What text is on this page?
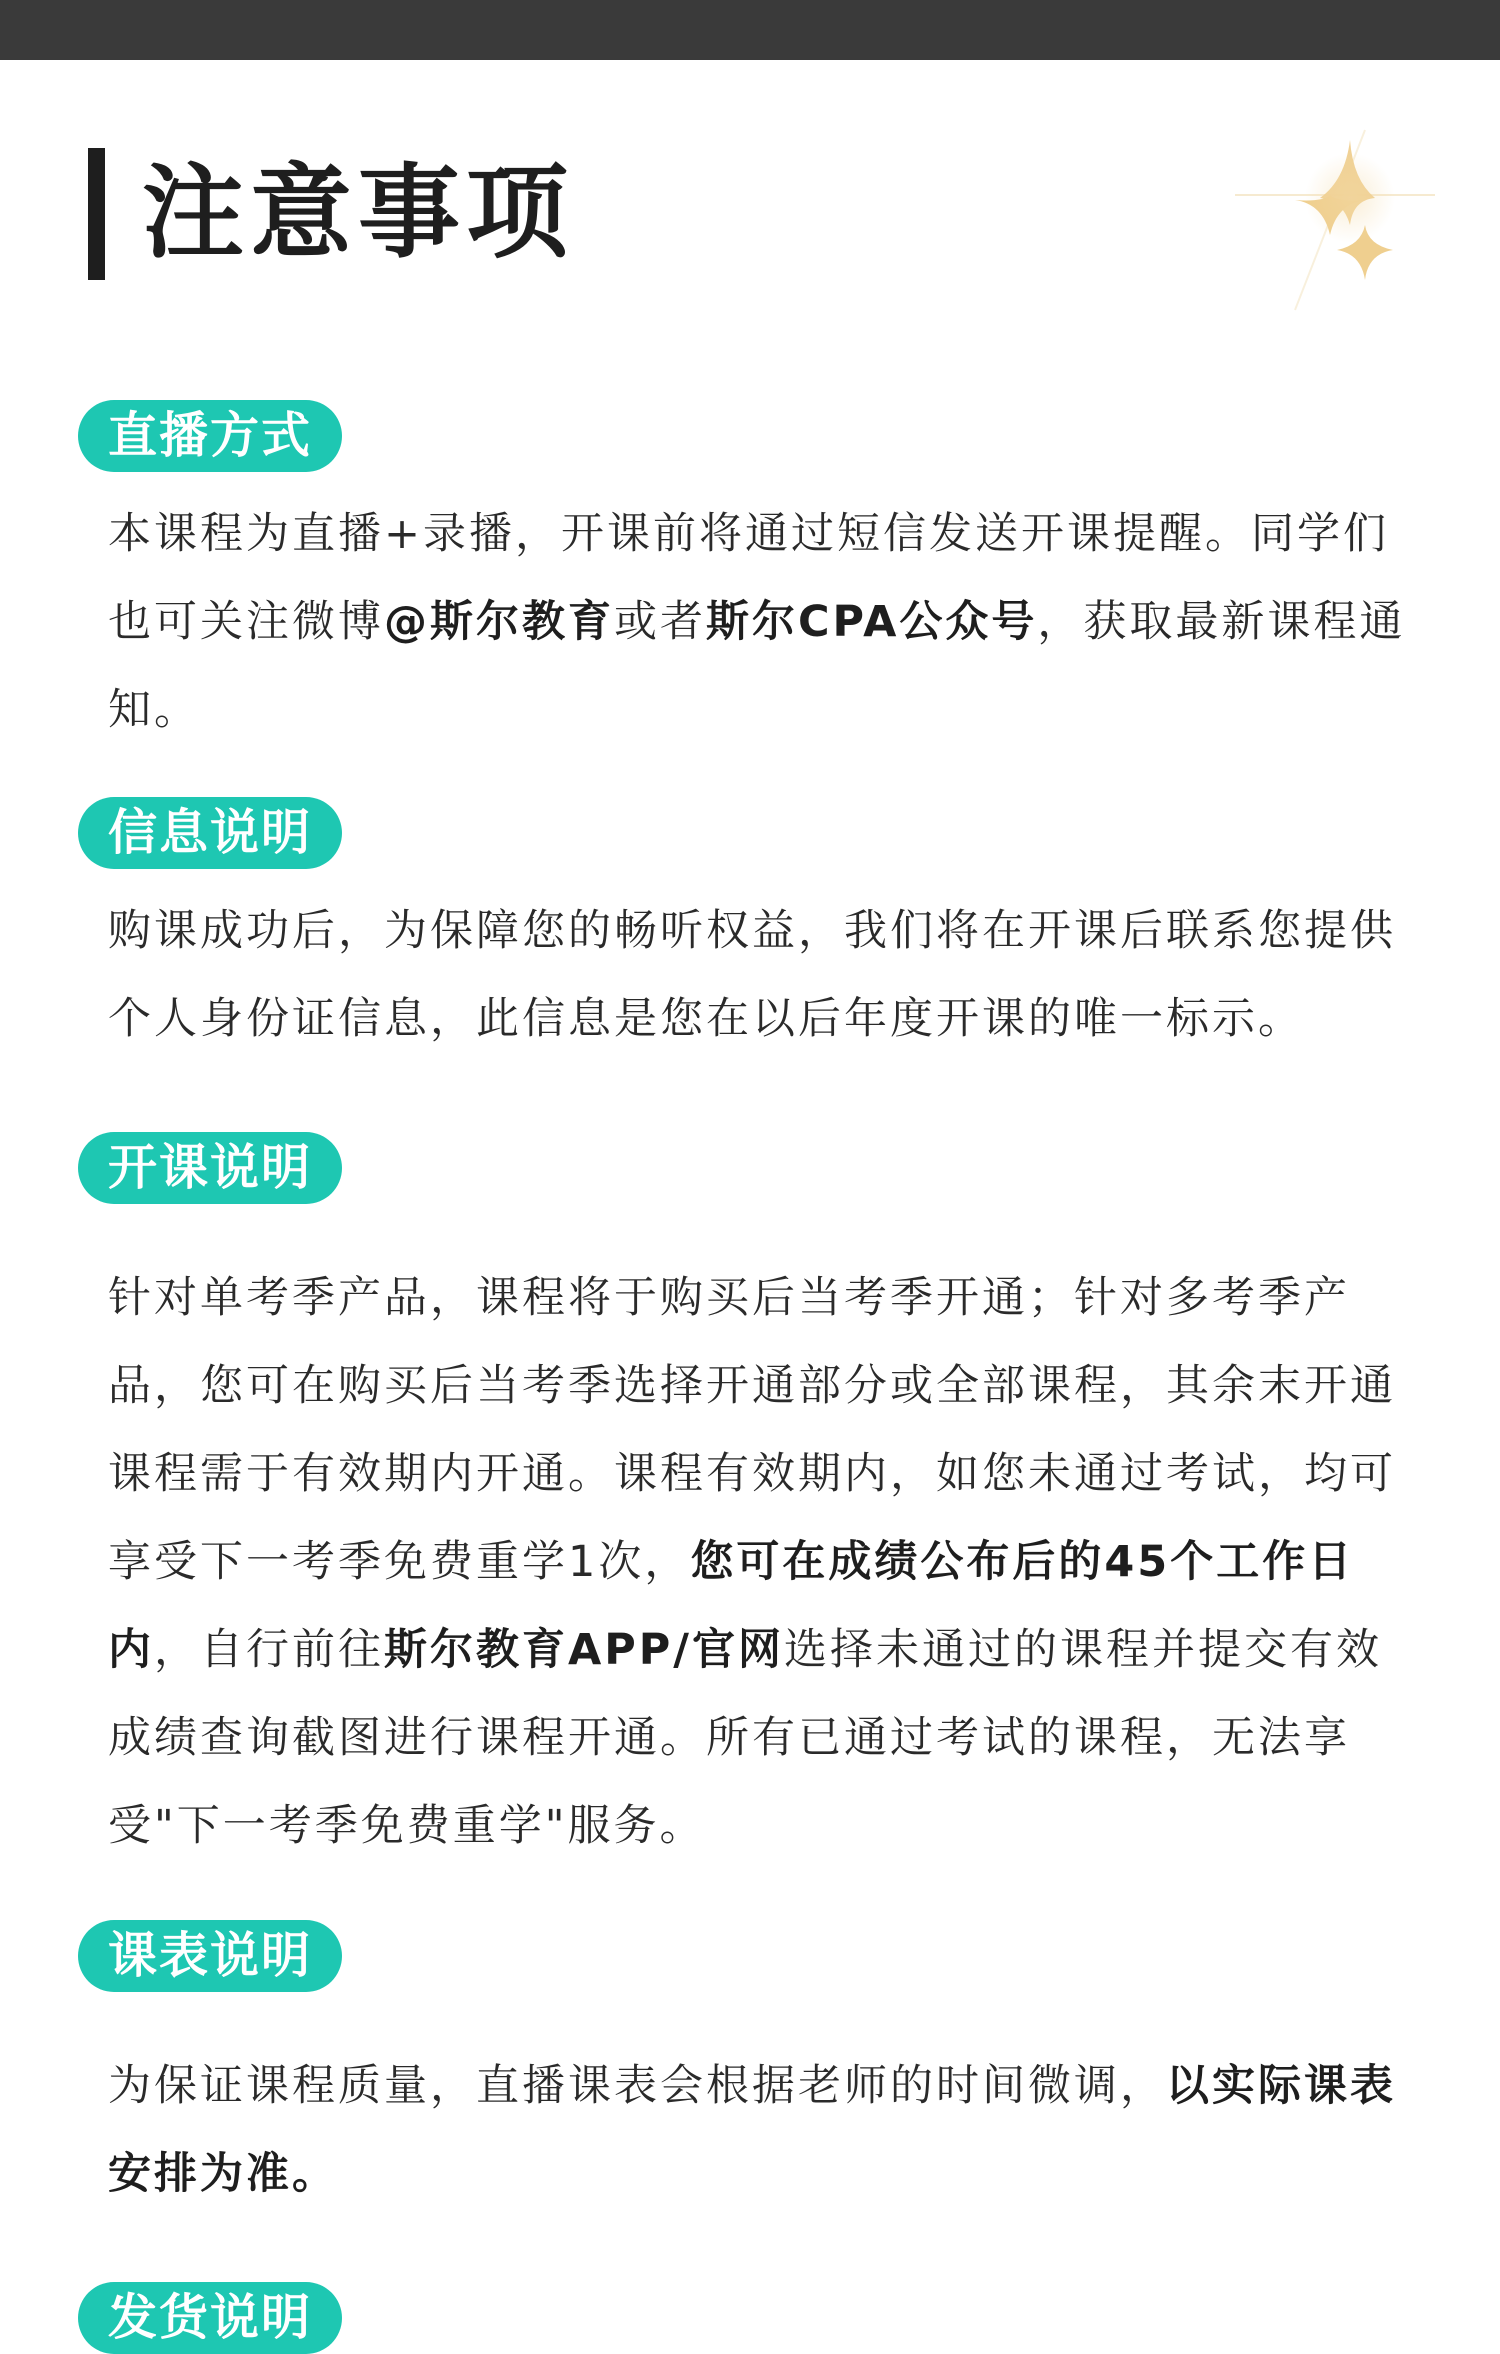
注意事项
直播方式
本课程为直播+录播，开课前将通过短信发送开课提醒。同学们也可关注微博@斯尔教育或者斯尔CPA公众号，获取最新课程通知。
信息说明
购课成功后，为保障您的畅听权益，我们将在开课后联系您提供个人身份证信息，此信息是您在以后年度开课的唯一标示。
开课说明
针对单考季产品，课程将于购买后当考季开通；针对多考季产品，您可在购买后当考季选择开通部分或全部课程，其余末开通课程需于有效期内开通。课程有效期内，如您未通过考试，均可享受下一考季免费重学1次，您可在成绩公布后的45个工作日内，自行前往斯尔教育APP/官网选择未通过的课程并提交有效成绩查询截图进行课程开通。所有已通过考试的课程，无法享受"下一考季免费重学"服务。
课表说明
为保证课程质量，直播课表会根据老师的时间微调，以实际课表安排为准。
发货说明
